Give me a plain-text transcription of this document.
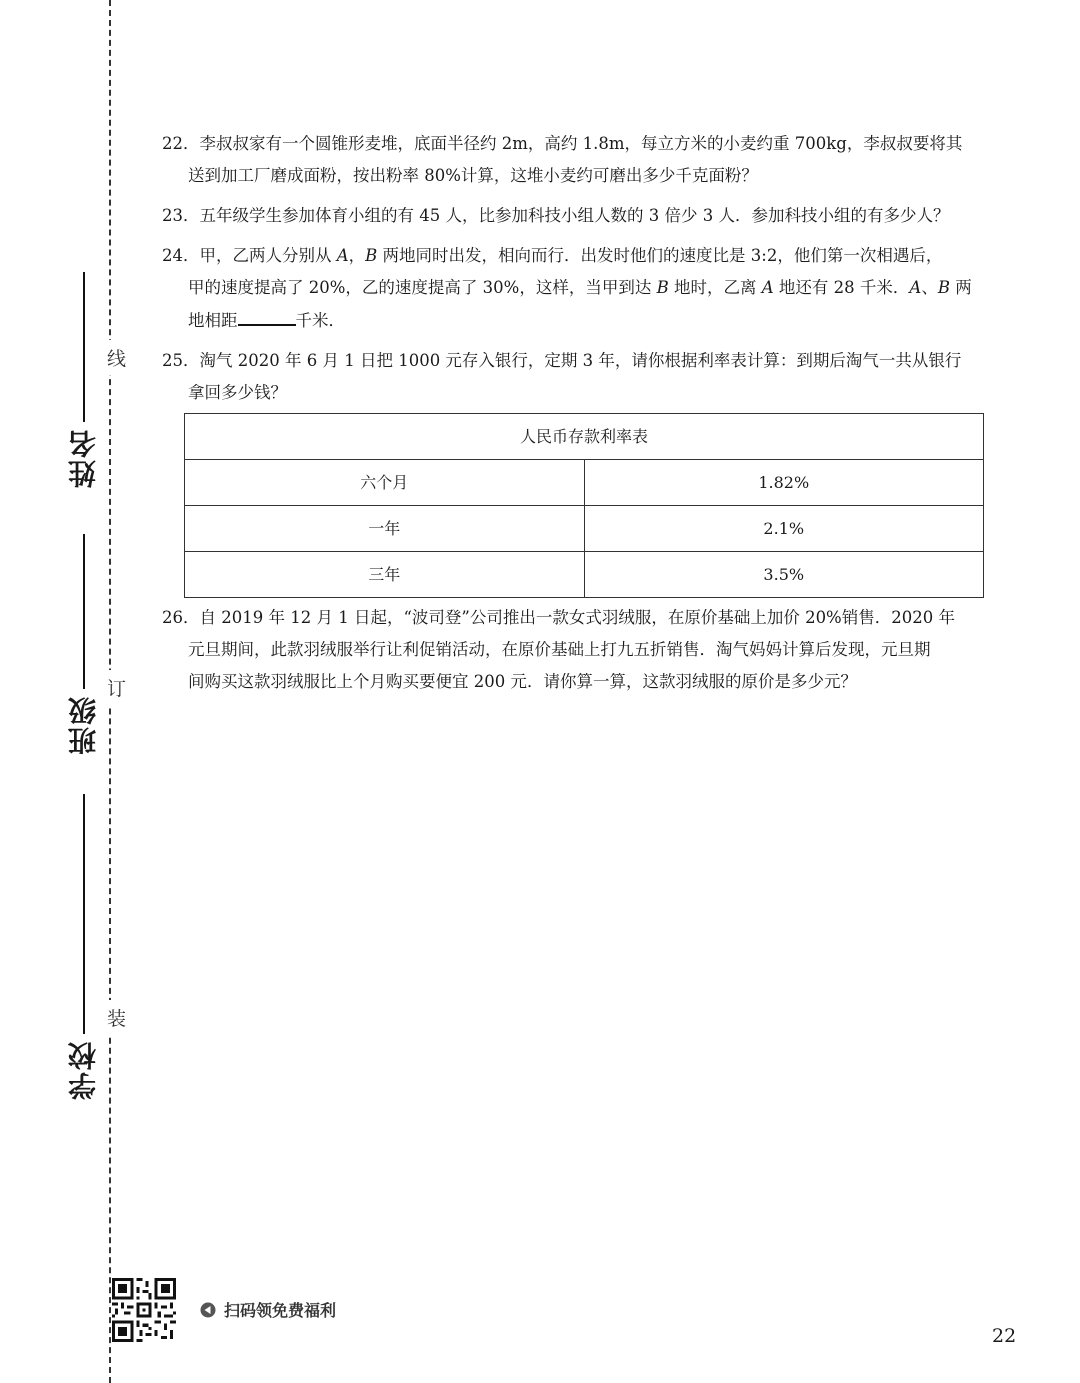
线
订
装
姓名
班级
学校

22．李叔叔家有一个圆锥形麦堆，底面半径约 2m，高约 1.8m，每立方米的小麦约重 700kg，李叔叔要将其
送到加工厂磨成面粉，按出粉率 80%计算，这堆小麦约可磨出多少千克面粉？

23．五年级学生参加体育小组的有 45 人，比参加科技小组人数的 3 倍少 3 人．参加科技小组的有多少人？

24．甲，乙两人分别从 A，B 两地同时出发，相向而行．出发时他们的速度比是 3:2，他们第一次相遇后，
甲的速度提高了 20%，乙的速度提高了 30%，这样，当甲到达 B 地时，乙离 A 地还有 28 千米．A、B 两
地相距	千米．

25．淘气 2020 年 6 月 1 日把 1000 元存入银行，定期 3 年，请你根据利率表计算：到期后淘气一共从银行
拿回多少钱？

人民币存款利率表	
六个月	1.82%
一年	2.1%
三年	3.5%

26．自 2019 年 12 月 1 日起，“波司登”公司推出一款女式羽绒服，在原价基础上加价 20%销售．2020 年
元旦期间，此款羽绒服举行让利促销活动，在原价基础上打九五折销售．淘气妈妈计算后发现，元旦期
间购买这款羽绒服比上个月购买要便宜 200 元．请你算一算，这款羽绒服的原价是多少元？

扫码领免费福利
22
